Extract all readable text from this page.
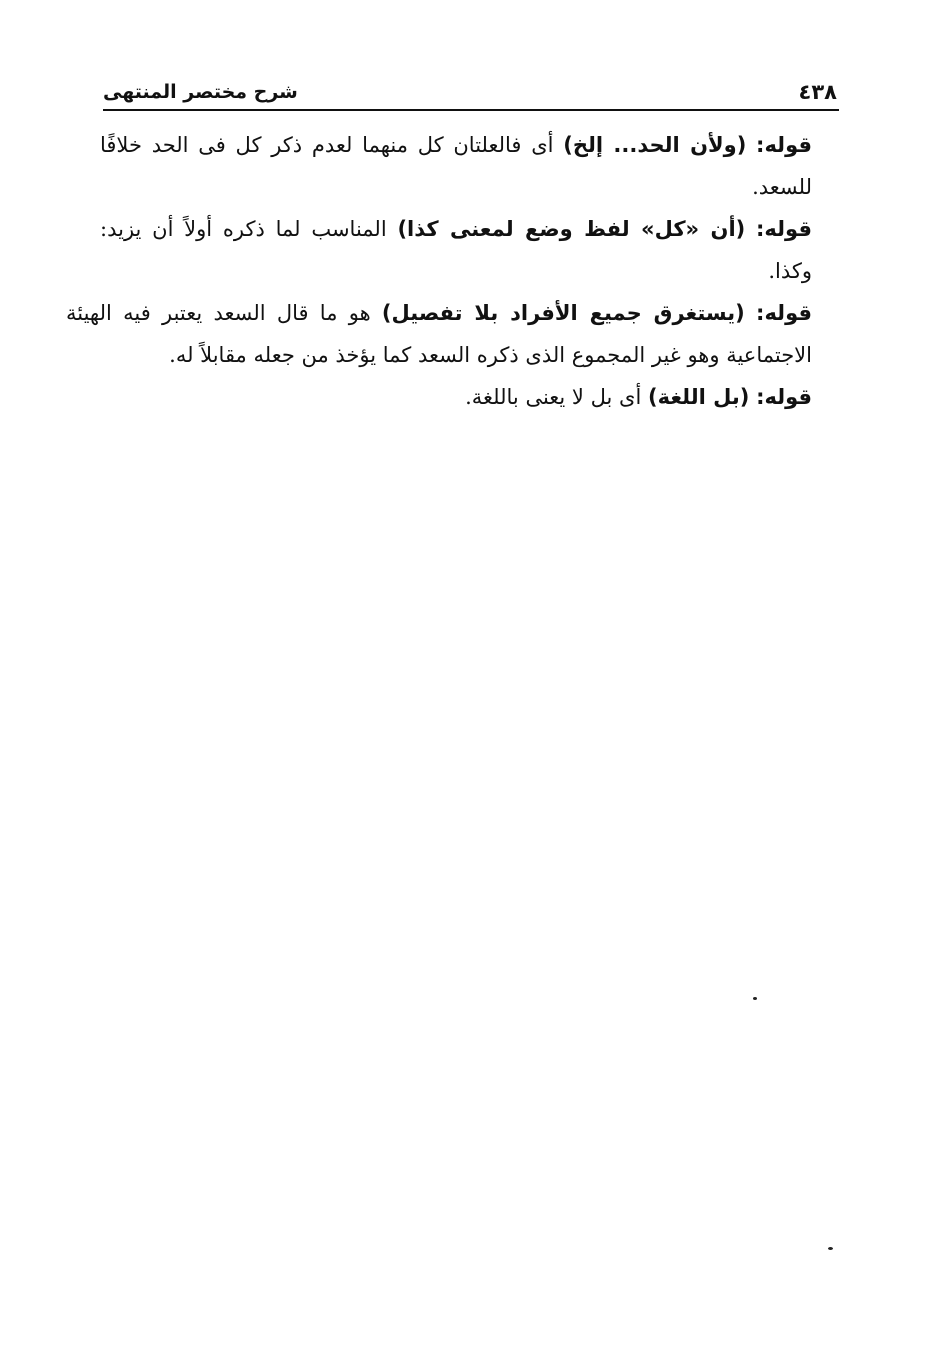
٤٣٨
شرح مختصر المنتهى

قوله: (ولأن الحد... إلخ) أى فالعلتان كل منهما لعدم ذكر كل فى الحد خلافًا للسعد.

قوله: (أن «كل» لفظ وضع لمعنى كذا) المناسب لما ذكره أولاً أن يزيد: وكذا.

قوله: (يستغرق جميع الأفراد بلا تفصيل) هو ما قال السعد يعتبر فيه الهيئة الاجتماعية وهو غير المجموع الذى ذكره السعد كما يؤخذ من جعله مقابلاً له.

قوله: (بل اللغة) أى بل لا يعنى باللغة.
